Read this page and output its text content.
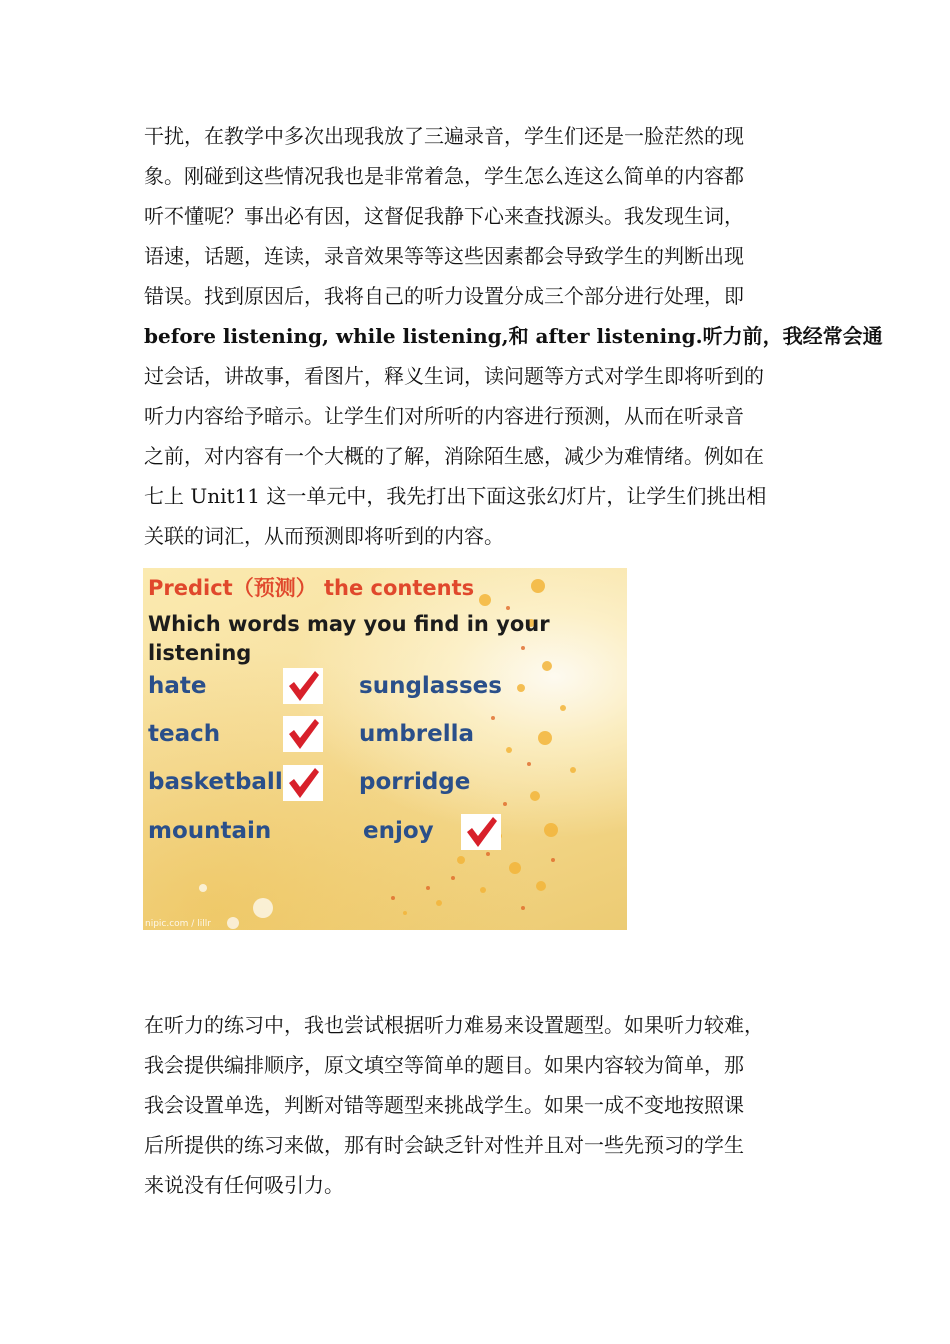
干扰，在教学中多次出现我放了三遍录音，学生们还是一脸茫然的现
象。刚碰到这些情况我也是非常着急，学生怎么连这么简单的内容都
听不懂呢？事出必有因，这督促我静下心来查找源头。我发现生词，
语速，话题，连读，录音效果等等这些因素都会导致学生的判断出现
错误。找到原因后，我将自己的听力设置分成三个部分进行处理，即
before listening, while listening,和 after listening.听力前，我经常会通
过会话，讲故事，看图片，释义生词，读问题等方式对学生即将听到的
听力内容给予暗示。让学生们对所听的内容进行预测，从而在听录音
之前，对内容有一个大概的了解，消除陌生感，减少为难情绪。例如在
七上 Unit11 这一单元中，我先打出下面这张幻灯片，让学生们挑出相
关联的词汇，从而预测即将听到的内容。
Predict（预测） the contents
Which words may you find in your listening
hate
teach
basketball
mountain
sunglasses
umbrella
porridge
enjoy
nipic.com / lillr
在听力的练习中，我也尝试根据听力难易来设置题型。如果听力较难，
我会提供编排顺序，原文填空等简单的题目。如果内容较为简单，那
我会设置单选，判断对错等题型来挑战学生。如果一成不变地按照课
后所提供的练习来做，那有时会缺乏针对性并且对一些先预习的学生
来说没有任何吸引力。
